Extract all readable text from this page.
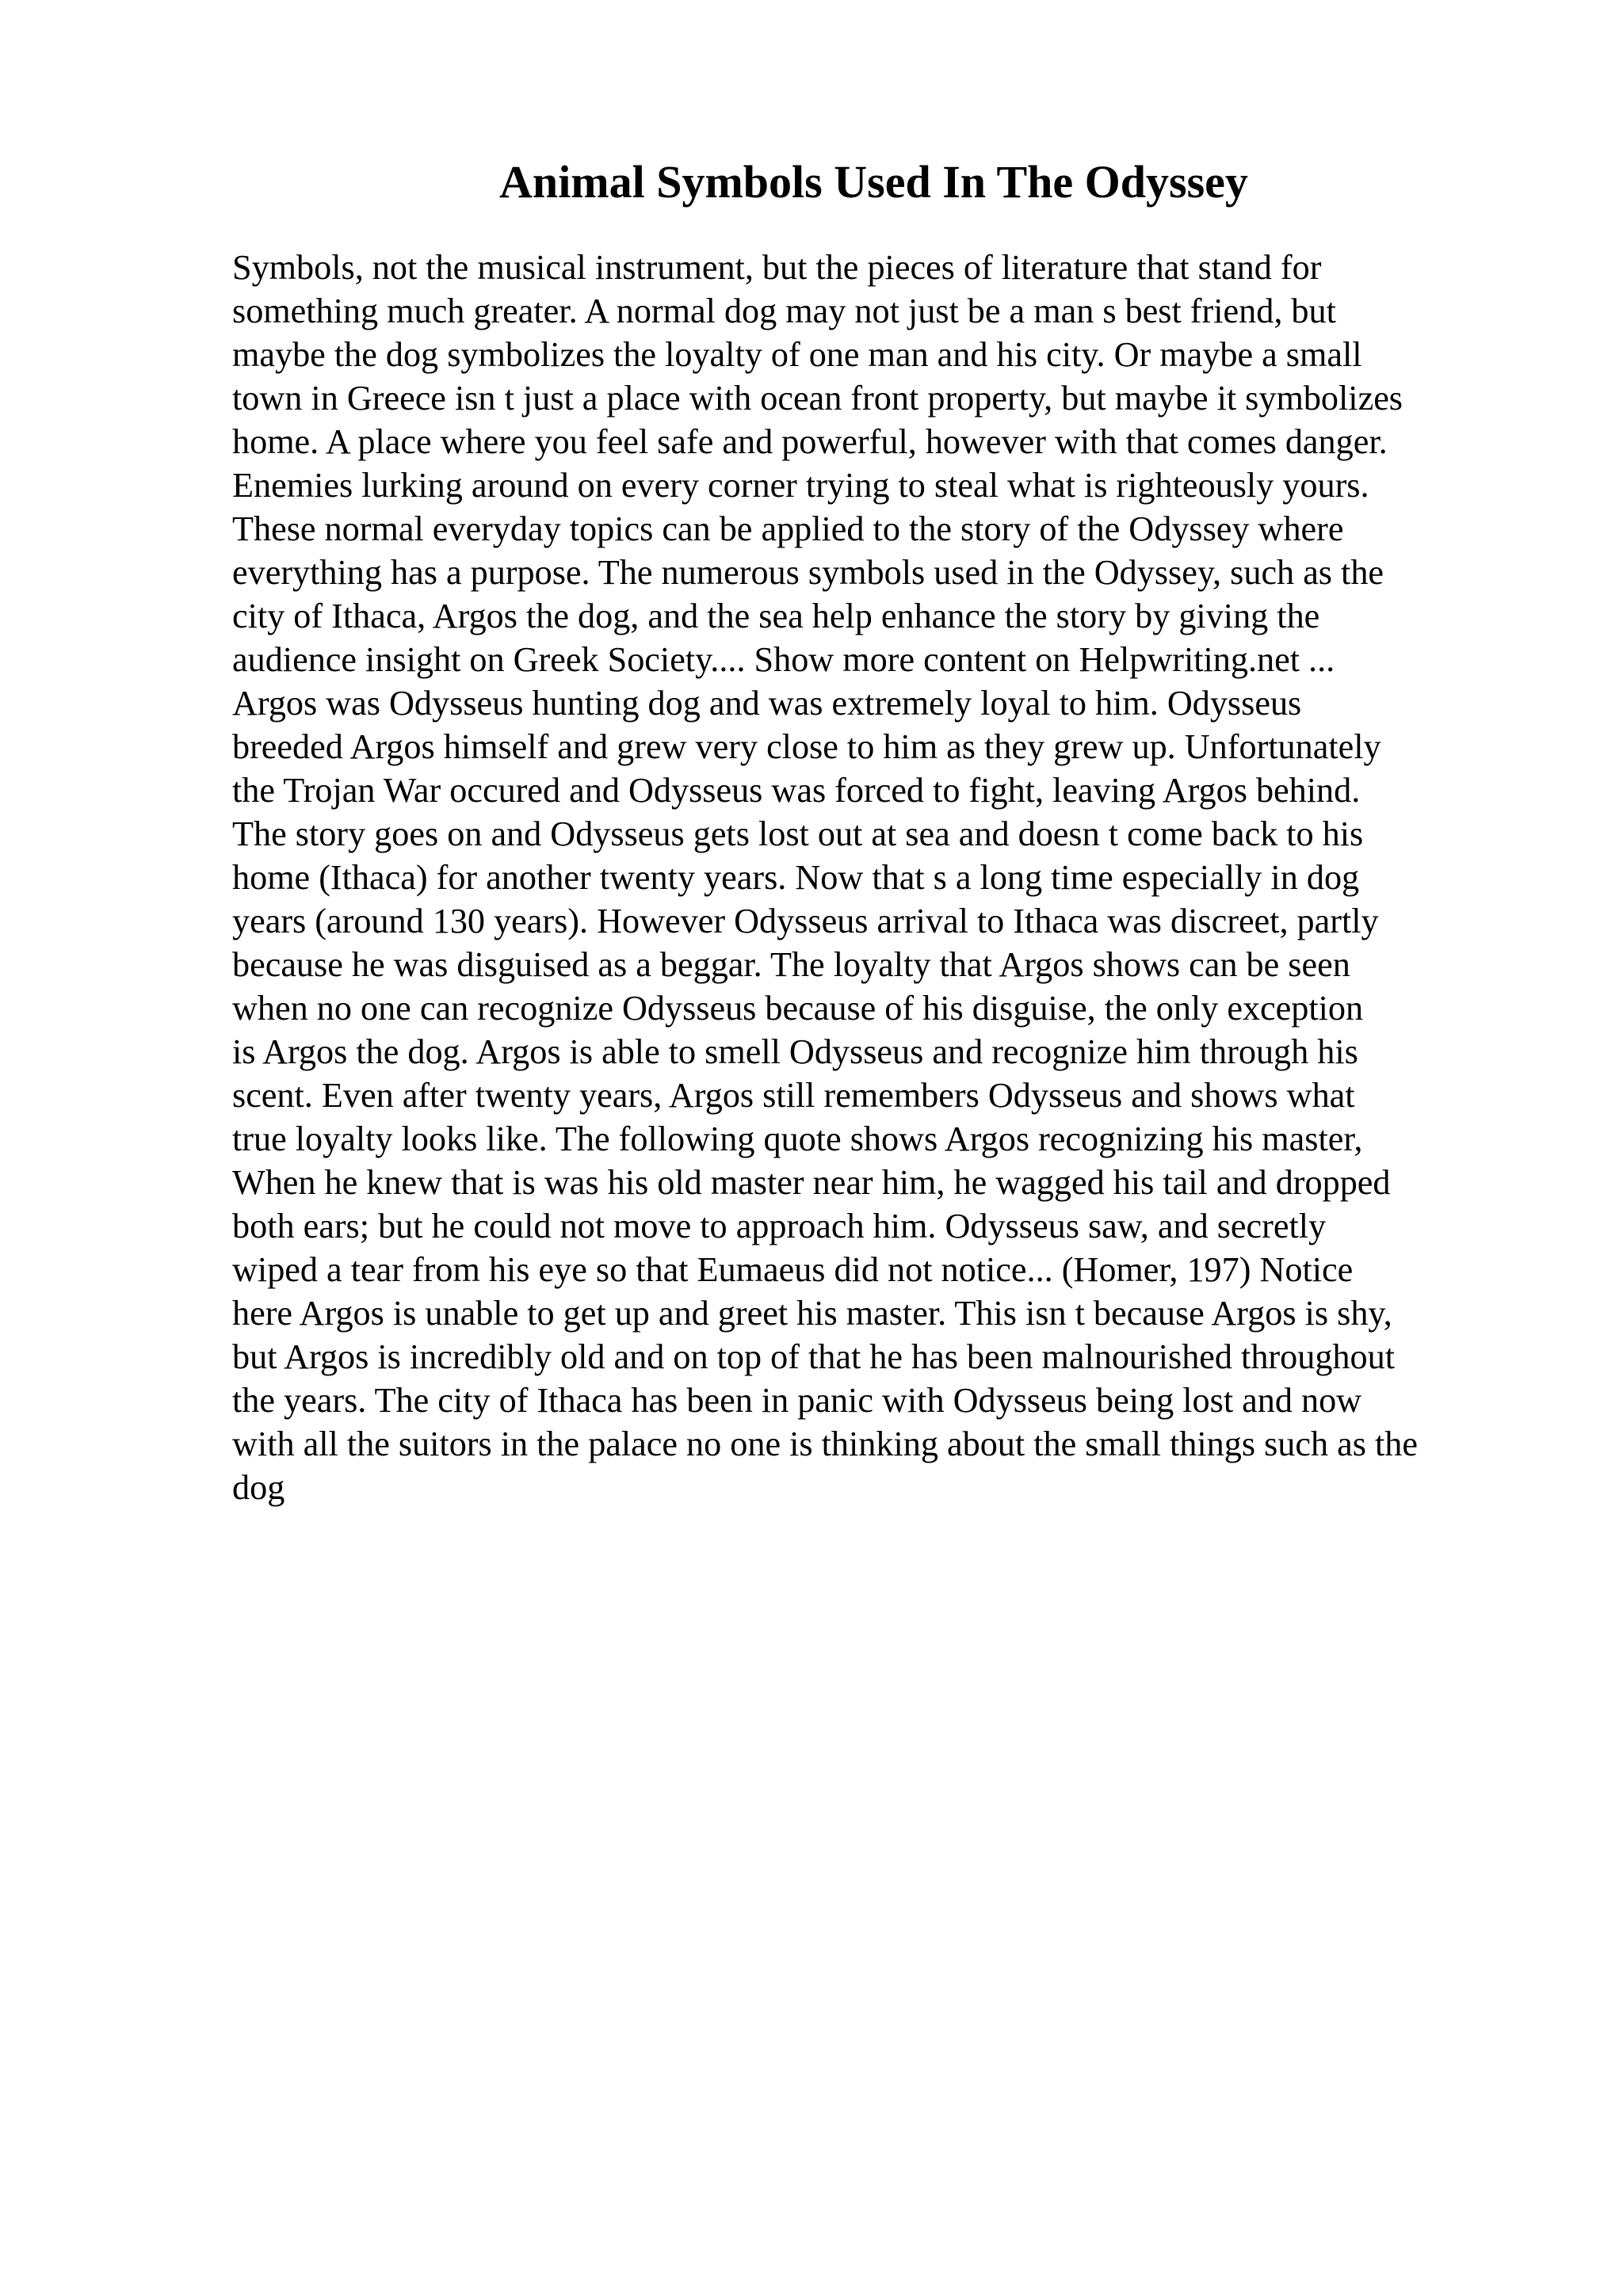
Animal Symbols Used In The Odyssey
Symbols, not the musical instrument, but the pieces of literature that stand for
something much greater. A normal dog may not just be a man s best friend, but
maybe the dog symbolizes the loyalty of one man and his city. Or maybe a small
town in Greece isn t just a place with ocean front property, but maybe it symbolizes
home. A place where you feel safe and powerful, however with that comes danger.
Enemies lurking around on every corner trying to steal what is righteously yours.
These normal everyday topics can be applied to the story of the Odyssey where
everything has a purpose. The numerous symbols used in the Odyssey, such as the
city of Ithaca, Argos the dog, and the sea help enhance the story by giving the
audience insight on Greek Society.... Show more content on Helpwriting.net ...
Argos was Odysseus hunting dog and was extremely loyal to him. Odysseus
breeded Argos himself and grew very close to him as they grew up. Unfortunately
the Trojan War occured and Odysseus was forced to fight, leaving Argos behind.
The story goes on and Odysseus gets lost out at sea and doesn t come back to his
home (Ithaca) for another twenty years. Now that s a long time especially in dog
years (around 130 years). However Odysseus arrival to Ithaca was discreet, partly
because he was disguised as a beggar. The loyalty that Argos shows can be seen
when no one can recognize Odysseus because of his disguise, the only exception
is Argos the dog. Argos is able to smell Odysseus and recognize him through his
scent. Even after twenty years, Argos still remembers Odysseus and shows what
true loyalty looks like. The following quote shows Argos recognizing his master,
When he knew that is was his old master near him, he wagged his tail and dropped
both ears; but he could not move to approach him. Odysseus saw, and secretly
wiped a tear from his eye so that Eumaeus did not notice... (Homer, 197) Notice
here Argos is unable to get up and greet his master. This isn t because Argos is shy,
but Argos is incredibly old and on top of that he has been malnourished throughout
the years. The city of Ithaca has been in panic with Odysseus being lost and now
with all the suitors in the palace no one is thinking about the small things such as the
dog
